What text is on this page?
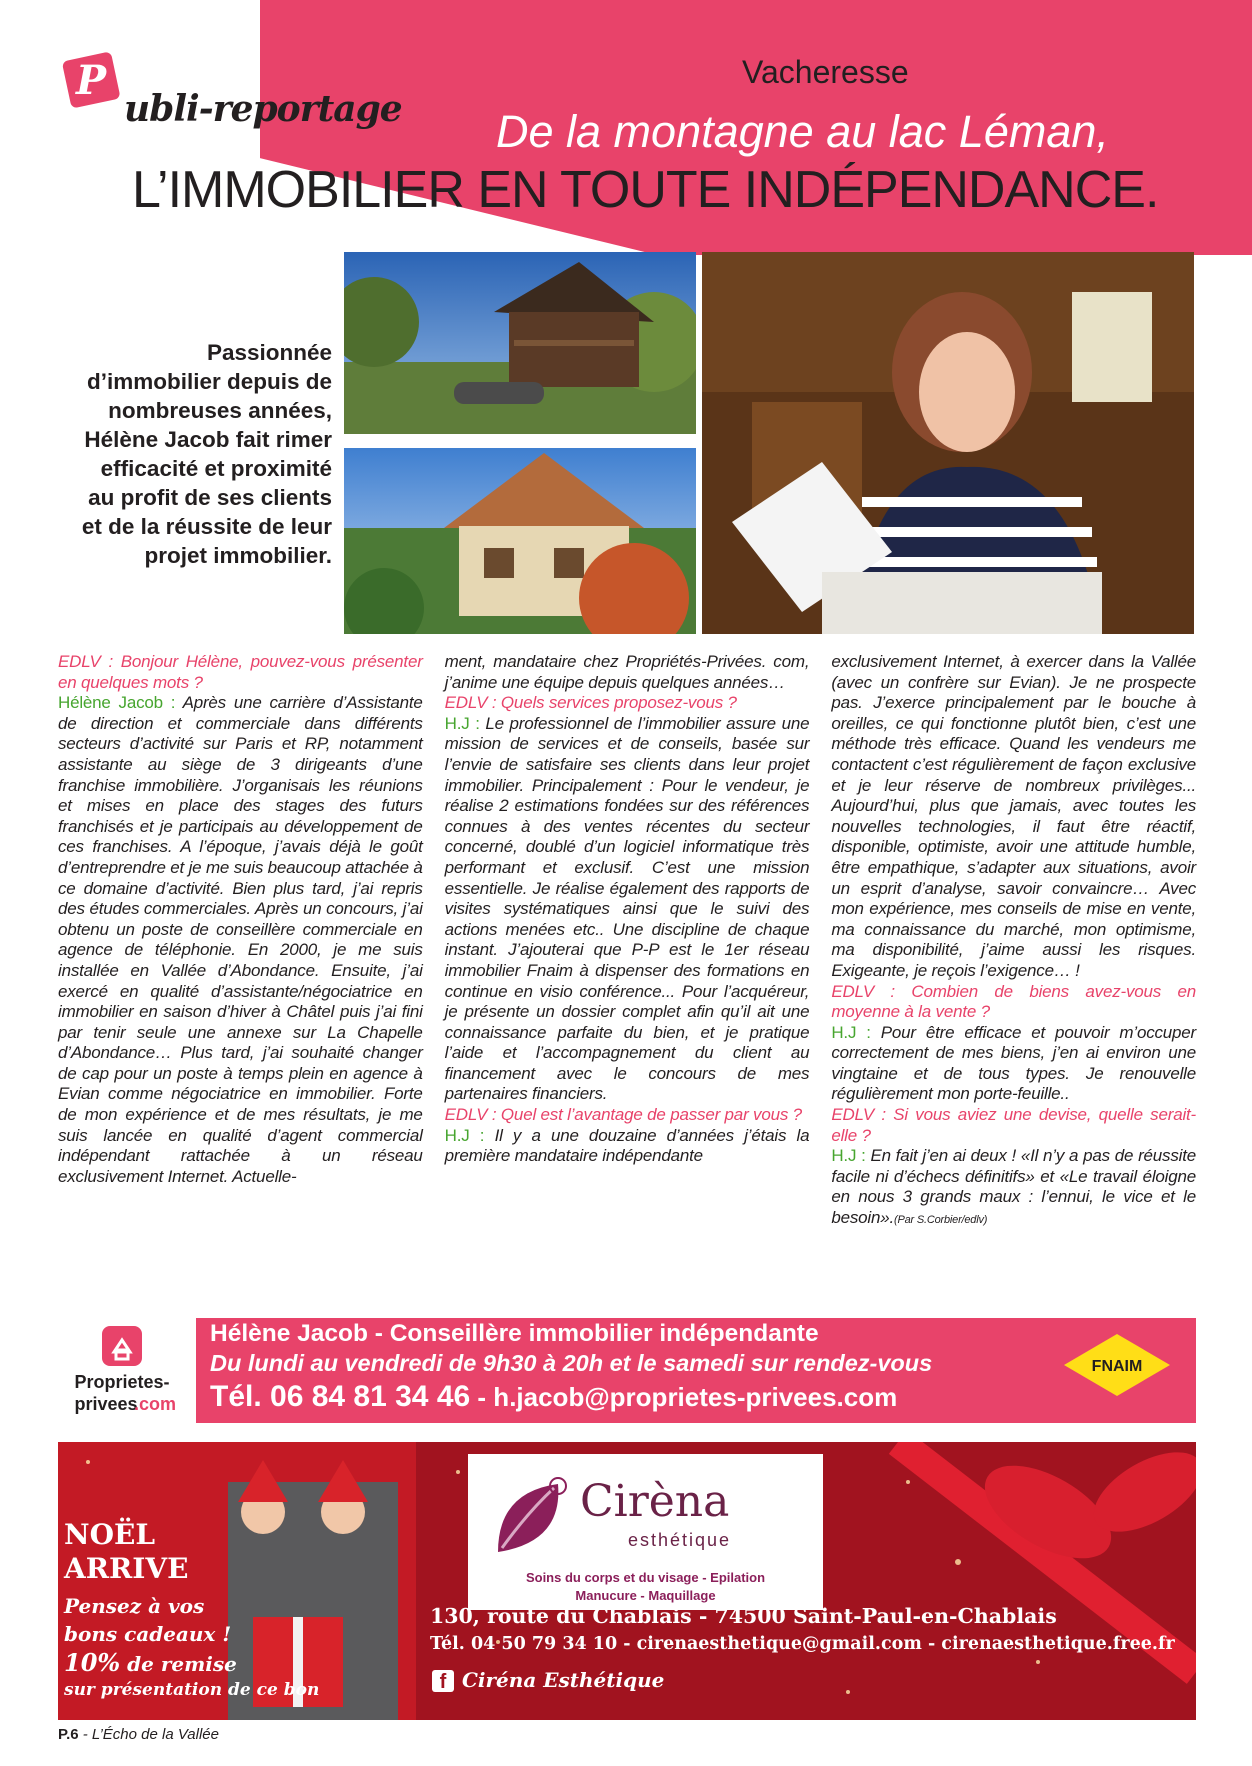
P
ubli-reportage
Vacheresse
De la montagne au lac Léman,
L’IMMOBILIER EN TOUTE INDÉPENDANCE.
Passionnée d’immobilier depuis de nombreuses années, Hélène Jacob fait rimer efficacité et proximité au profit de ses clients et de la réussite de leur projet immobilier.

EDLV : Bonjour Hélène, pouvez-vous présenter en quelques mots ?

Hélène Jacob : Après une carrière d’Assistante de direction et commerciale dans différents secteurs d’activité sur Paris et RP, notamment assistante au siège de 3 dirigeants d’une franchise immobilière. J’organisais les réunions et mises en place des stages des futurs franchisés et je participais au développement de ces franchises. A l’époque, j’avais déjà le goût d’entreprendre et je me suis beaucoup attachée à ce domaine d’activité. Bien plus tard, j’ai repris des études commerciales. Après un concours, j’ai obtenu un poste de conseillère commerciale en agence de téléphonie. En 2000, je me suis installée en Vallée d’Abondance. Ensuite, j’ai exercé en qualité d’assistante/négociatrice en immobilier en saison d’hiver à Châtel puis j’ai fini par tenir seule une annexe sur La Chapelle d’Abondance… Plus tard, j’ai souhaité changer de cap pour un poste à temps plein en agence à Evian comme négociatrice en immobilier. Forte de mon expérience et de mes résultats, je me suis lancée en qualité d’agent commercial indépendant rattachée à un réseau exclusivement Internet. Actuelle-

ment, mandataire chez Propriétés-Privées. com, j’anime une équipe depuis quelques années…

EDLV : Quels services proposez-vous ?

H.J : Le professionnel de l’immobilier assure une mission de services et de conseils, basée sur l’envie de satisfaire ses clients dans leur projet immobilier. Principalement : Pour le vendeur, je réalise 2 estimations fondées sur des références connues à des ventes récentes du secteur concerné, doublé d’un logiciel informatique très performant et exclusif. C’est une mission essentielle. Je réalise également des rapports de visites systématiques ainsi que le suivi des actions menées etc.. Une discipline de chaque instant. J’ajouterai que P-P est le 1er réseau immobilier Fnaim à dispenser des formations en continue en visio conférence... Pour l’acquéreur, je présente un dossier complet afin qu’il ait une connaissance parfaite du bien, et je pratique l’aide et l’accompagnement du client au financement avec le concours de mes partenaires financiers.

EDLV : Quel est l’avantage de passer par vous ?

H.J : Il y a une douzaine d’années j’étais la première mandataire indépendante

exclusivement Internet, à exercer dans la Vallée (avec un confrère sur Evian). Je ne prospecte pas. J’exerce principalement par le bouche à oreilles, ce qui fonctionne plutôt bien, c’est une méthode très efficace. Quand les vendeurs me contactent c’est régulièrement de façon exclusive et je leur réserve de nombreux privilèges... Aujourd’hui, plus que jamais, avec toutes les nouvelles technologies, il faut être réactif, disponible, optimiste, avoir une attitude humble, être empathique, s’adapter aux situations, avoir un esprit d’analyse, savoir convaincre… Avec mon expérience, mes conseils de mise en vente, ma connaissance du marché, mon optimisme, ma disponibilité, j’aime aussi les risques. Exigeante, je reçois l’exigence… !

EDLV : Combien de biens avez-vous en moyenne à la vente ?

H.J : Pour être efficace et pouvoir m’occuper correctement de mes biens, j’en ai environ une vingtaine et de tous types. Je renouvelle régulièrement mon porte-feuille..

EDLV : Si vous aviez une devise, quelle serait-elle ?

H.J : En fait j’en ai deux ! «Il n’y a pas de réussite facile ni d’échecs définitifs» et «Le travail éloigne en nous 3 grands maux : l’ennui, le vice et le besoin».(Par S.Corbier/edlv)

Proprietes-
privees
.com
Hélène Jacob - Conseillère immobilier indépendante
Du lundi au vendredi de 9h30 à 20h et le samedi sur rendez-vous
Tél. 06 84 81 34 46 - h.jacob@proprietes-privees.com
FNAIM
NOËL
ARRIVE
Pensez à vos
bons cadeaux !
10% de remise
sur présentation de ce bon
Cirèna
esthétique
Soins du corps et du visage - Epilation
Manucure - Maquillage
130, route du Chablais - 74500 Saint-Paul-en-Chablais
Tél. 04 50 79 34 10 - cirenaesthetique@gmail.com - cirenaesthetique.free.fr
f Ciréna Esthétique
P.6 - L’Écho de la Vallée
